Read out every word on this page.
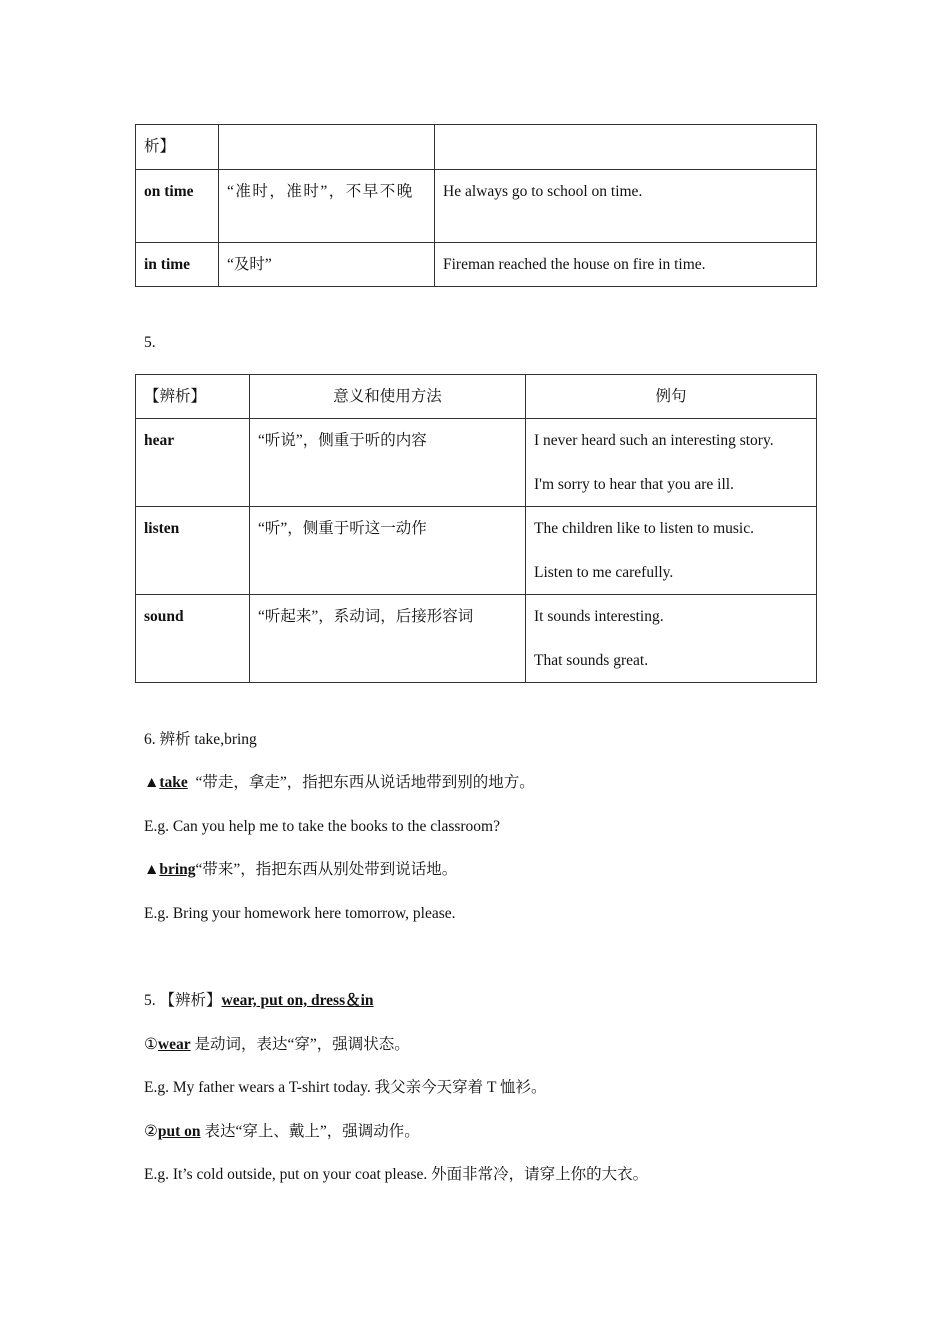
析】		
on time	“准时，准时”，不早不晚	He always go to school on time.
in time	“及时”	Fireman reached the house on fire in time.
5.
【辨析】	意义和使用方法	例句
hear	“听说”，侧重于听的内容	I never heard such an interesting story.

I'm sorry to hear that you are ill.

listen	“听”，侧重于听这一动作	The children like to listen to music.

Listen to me carefully.

sound	“听起来”，系动词，后接形容词	It sounds interesting.

That sounds great.

6. 辨析 take,bring
▲take “带走，拿走”，指把东西从说话地带到别的地方。
E.g. Can you help me to take the books to the classroom?
▲bring“带来”，指把东西从别处带到说话地。
E.g. Bring your homework here tomorrow, please.
5. 【辨析】wear, put on, dress＆in
①wear 是动词，表达“穿”，强调状态。
E.g. My father wears a T-shirt today. 我父亲今天穿着 T 恤衫。
②put on 表达“穿上、戴上”，强调动作。
E.g. It’s cold outside, put on your coat please. 外面非常冷，请穿上你的大衣。
